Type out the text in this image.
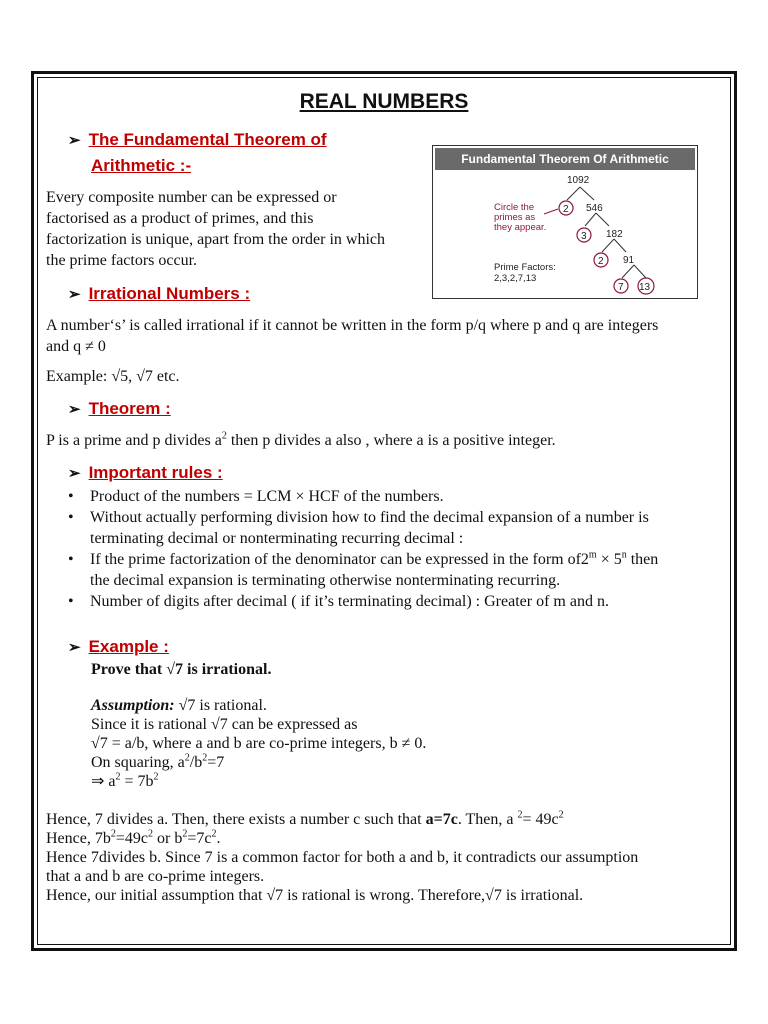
REAL NUMBERS
➢ The Fundamental Theorem of
Arithmetic :-
Every composite number can be expressed or
factorised as a product of primes, and this
factorization is unique, apart from the order in which
the prime factors occur.
Fundamental Theorem Of Arithmetic
1092
2 546
3 182
2 91
7 13
Circle the
primes as
they appear.
Prime Factors:
2,3,2,7,13
➢ Irrational Numbers :
A number‘s’ is called irrational if it cannot be written in the form p/q where p and q are integers
and q ≠ 0
Example: √5, √7 etc.
➢ Theorem :
P is a prime and p divides $a^2$ then p divides a also , where a is a positive integer.
➢ Important rules :
• Product of the numbers = LCM × HCF of the numbers.
• Without actually performing division how to find the decimal expansion of a number is
terminating decimal or nonterminating recurring decimal :
• If the prime factorization of the denominator can be expressed in the form $of2^m \times 5^n$ then
the decimal expansion is terminating otherwise nonterminating recurring.
• Number of digits after decimal ( if it’s terminating decimal) : Greater of m and n.
➢ Example :
Prove that √7 is irrational.
Assumption: √7 is rational.
Since it is rational √7 can be expressed as
√7 = a/b, where a and b are co-prime integers, b ≠ 0.
On squaring, $a^2/b^2=7$
⇒ $a^2 = 7b^2$
Hence, 7 divides a. Then, there exists a number c such that a=7c. Then, a $^2= 49c^2$
Hence, $7b^2=49c^2$ or $b^2=7c^2$.
Hence 7divides b. Since 7 is a common factor for both a and b, it contradicts our assumption
that a and b are co-prime integers.
Hence, our initial assumption that √7 is rational is wrong. Therefore,√7 is irrational.
